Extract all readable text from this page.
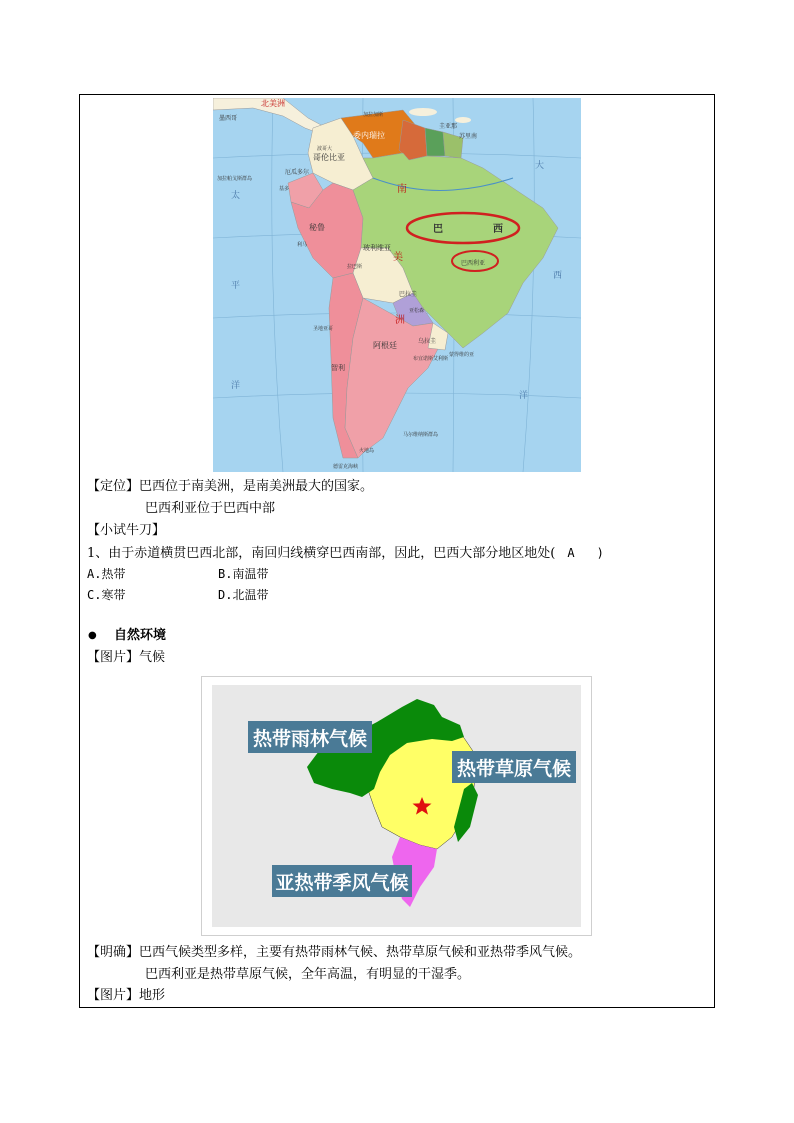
北美洲
墨西哥
委内瑞拉
哥伦比亚
圭亚那
苏里南
厄瓜多尔
秘鲁
玻利维亚
巴拉圭
乌拉圭
智利
阿根廷
巴	西
南
美
洲
巴西利亚
太
平
洋
大
西
洋
拉巴斯
利马
基多
圣地亚哥
布宜诺斯艾利斯
蒙得维的亚
亚松森
波哥大
加拉加斯
加拉帕戈斯群岛
马尔维纳斯群岛
火地岛
德雷克海峡
【定位】巴西位于南美洲，是南美洲最大的国家。
巴西利亚位于巴西中部
【小试牛刀】
1、由于赤道横贯巴西北部，南回归线横穿巴西南部，因此，巴西大部分地区地处( A )
A.热带	B.南温带
C.寒带	D.北温带
● 自然环境
【图片】气候
热带雨林气候
热带草原气候
亚热带季风气候
【明确】巴西气候类型多样，主要有热带雨林气候、热带草原气候和亚热带季风气候。
巴西利亚是热带草原气候，全年高温，有明显的干湿季。
【图片】地形
